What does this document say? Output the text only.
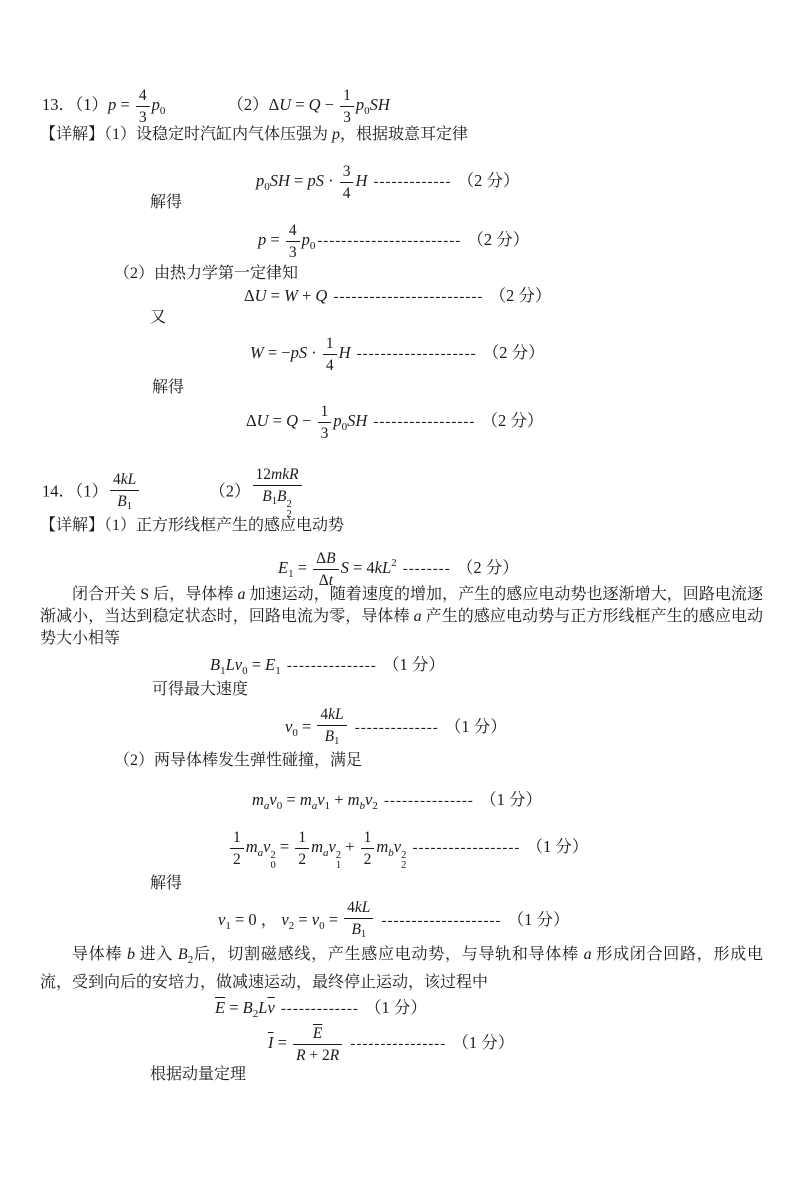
13．$(1)p = \frac{4}{3} p_0$	$(2)\Delta U = Q - \frac{1}{3} p_0SH$
【详解】（1）设稳定时汽缸内气体压强为 p，根据玻意耳定律
$p_0SH$ = pS · $\frac{3}{4}$ H ------------- （2 分）
解得
$p = \frac{4}{3} p_0$ ------------------------ （2 分）
（2）由热力学第一定律知
ΔU = W + Q ------------------------- （2 分）
又
$W = -pS \cdot \frac{1}{4}$ H -------------------- （2 分）
解得
$\Delta U = Q - \frac{1}{3} p_0SH$ ----------------- （2 分）
14．$(1) \frac{4kL}{B1}$	（2）
12mkR
B1B 2
2
【详解】（1）正方形线框产生的感应电动势
$E_1 = \frac{\Delta B}{\Delta t}$ $S = 4kL^2$ -------- （2 分）
闭合开关 S 后，导体棒 a 加速运动，随着速度的增加，产生的感应电动势也逐渐增大，回路电流逐渐减小，当达到稳定状态时，回路电流为零，导体棒 a 产生的感应电动势与正方形线框产生的感应电动势大小相等
$B_1Lv_0 = E_1$ --------------- （1 分）
可得最大速度
$v_0 = \frac{4kL}{B1}$ -------------- （1 分）
（2）两导体棒发生弹性碰撞，满足
$m_av_0 = m_av_1 + m_bv_2$ --------------- （1 分）
$\frac{1}{2} m_av$ 2
0
= $\frac{1}{2} m_av$ 2
1
+ $\frac{1}{2} m_bv$ 2
2
------------------ （1 分）
解得
$v_1 = 0$ ， $v_2 = v_0 = \frac{4kL}{B1}$ -------------------- （1 分）
导体棒 b 进入 $B_2$后，切割磁感线，产生感应电动势，与导轨和导体棒 a 形成闭合回路，形成电流，受到向后的安培力，做减速运动，最终停止运动，该过程中
$\overline{E} = B_2L\overline{v}$ ------------- （1 分）
$\overline{I} = \frac{\overline{E}}{R + 2R}$ ---------------- （1 分）
根据动量定理
